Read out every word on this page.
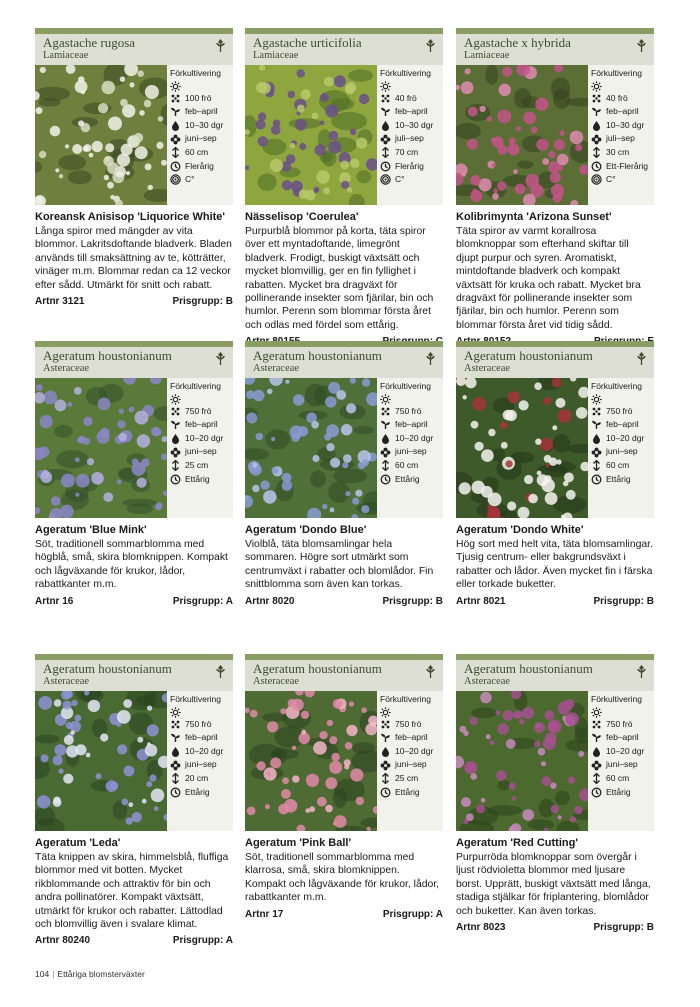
Agastache rugosa
Lamiaceae
Förkultivering
100 frö
feb–april
10–30 dgr
juni–sep
60 cm
Flerårig
C°
Koreansk Anisisop 'Liquorice White'
Långa spiror med mängder av vita blommor. Lakritsdoftande bladverk. Bladen används till smaksättning av te, kötträtter, vinäger m.m. Blommar redan ca 12 veckor efter sådd. Utmärkt för snitt och rabatt.
Artnr 3121	Prisgrupp: B
Agastache urticifolia
Lamiaceae
Förkultivering
40 frö
feb–april
10–30 dgr
juli–sep
70 cm
Flerårig
C°
Nässelisop 'Coerulea'
Purpurblå blommor på korta, täta spiror över ett myntadoftande, limegrönt bladverk. Frodigt, buskigt växtsätt och mycket blomvillig, ger en fin fyllighet i rabatten. Mycket bra dragväxt för pollinerande insekter som fjärilar, bin och humlor. Perenn som blommar första året och odlas med fördel som ettårig.
Agastache x hybrida
Lamiaceae
Förkultivering
40 frö
feb–april
10–30 dgr
juli–sep
30 cm
Ett-Flerårig
C°
Kolibrimynta 'Arizona Sunset'
Täta spiror av varmt korallrosa blomknoppar som efterhand skiftar till djupt purpur och syren. Aromatiskt, mintdoftande bladverk och kompakt växtsätt för kruka och rabatt. Mycket bra dragväxt för pollinerande insekter som fjärilar, bin och humlor. Perenn som blommar första året vid tidig sådd.
Ageratum houstonianum
Asteraceae
Förkultivering
750 frö
feb–april
10–20 dgr
juni–sep
25 cm
Ettårig
Ageratum 'Blue Mink'
Söt, traditionell sommarblomma med högblå, små, skira blomknippen. Kompakt och lågväxande för krukor, lådor, rabattkanter m.m.
Artnr 16	Prisgrupp: A
Ageratum houstonianum
Asteraceae
Förkultivering
750 frö
feb–april
10–20 dgr
juni–sep
60 cm
Ettårig
Ageratum 'Dondo Blue'
Violblå, täta blomsamlingar hela sommaren. Högre sort utmärkt som centrumväxt i rabatter och blomlådor. Fin snittblomma som även kan torkas.
Artnr 8020	Prisgrupp: B
Ageratum houstonianum
Asteraceae
Förkultivering
750 frö
feb–april
10–20 dgr
juni–sep
60 cm
Ettårig
Ageratum 'Dondo White'
Hög sort med helt vita, täta blomsamlingar. Tjusig centrum- eller bakgrundsväxt i rabatter och lådor. Även mycket fin i färska eller torkade buketter.
Artnr 8021	Prisgrupp: B
Ageratum houstonianum
Asteraceae
Förkultivering
750 frö
feb–april
10–20 dgr
juni–sep
20 cm
Ettårig
Ageratum 'Leda'
Täta knippen av skira, himmelsblå, fluffiga blommor med vit botten. Mycket rikblommande och attraktiv för bin och andra pollinatörer. Kompakt växtsätt, utmärkt för krukor och rabatter. Lättodlad och blomvillig även i svalare klimat.
Artnr 80240	Prisgrupp: A
Ageratum houstonianum
Asteraceae
Förkultivering
750 frö
feb–april
10–20 dgr
juni–sep
25 cm
Ettårig
Ageratum 'Pink Ball'
Söt, traditionell sommarblomma med klarrosa, små, skira blomknippen. Kompakt och lågväxande för krukor, lådor, rabattkanter m.m.
Artnr 17	Prisgrupp: A
Ageratum houstonianum
Asteraceae
Förkultivering
750 frö
feb–april
10–20 dgr
juni–sep
60 cm
Ettårig
Ageratum 'Red Cutting'
Purpurröda blomknoppar som övergår i ljust rödvioletta blommor med ljusare borst. Upprätt, buskigt växtsätt med långa, stadiga stjälkar för friplantering, blomlådor och buketter. Kan även torkas.
Artnr 8023	Prisgrupp: B
104 | Ettåriga blomsterväxter
